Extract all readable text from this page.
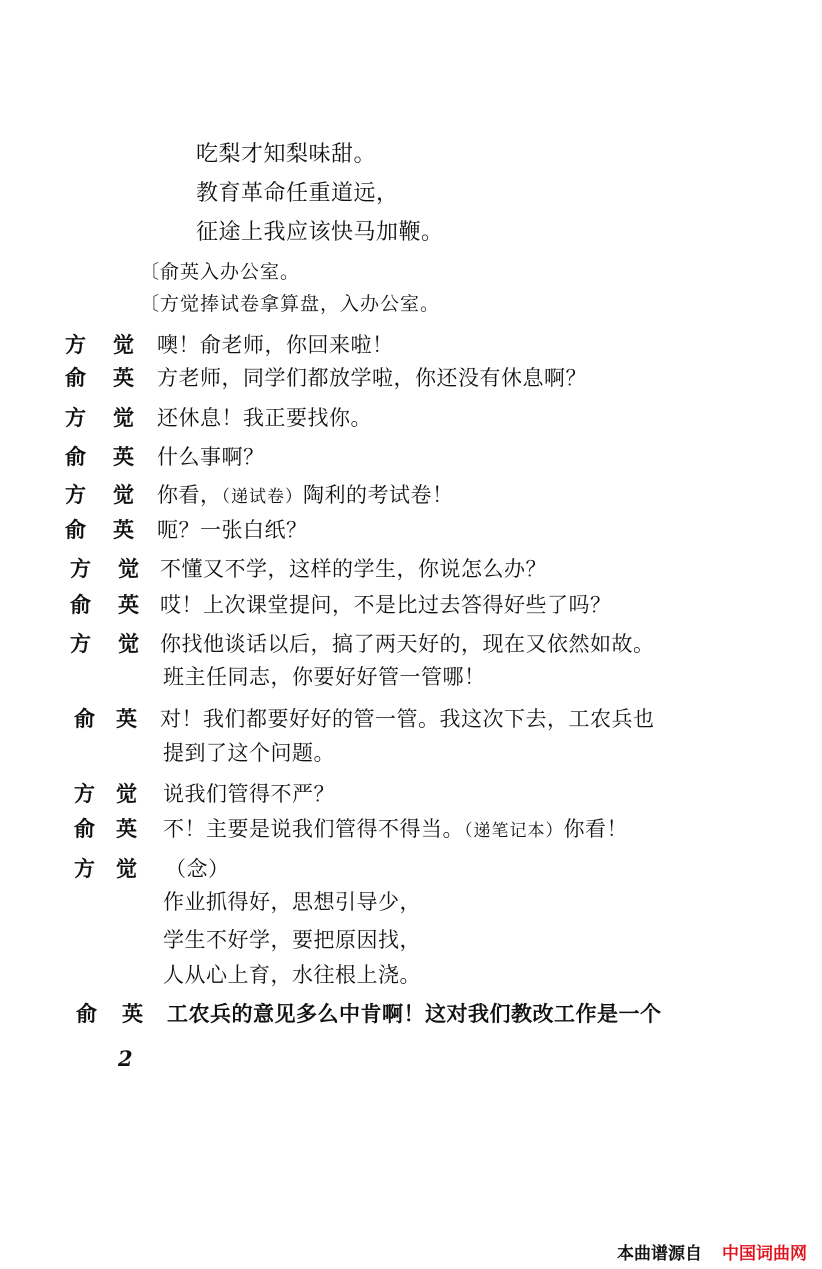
吃梨才知梨味甜。
教育革命任重道远，
征途上我应该快马加鞭。
〔俞英入办公室。
〔方觉捧试卷拿算盘，入办公室。
方 觉 噢！俞老师，你回来啦！
俞 英 方老师，同学们都放学啦，你还没有休息啊？
方 觉 还休息！我正要找你。
俞 英 什么事啊？
方 觉 你看，（递试卷）陶利的考试卷！
俞 英 呃？一张白纸？
方 觉 不懂又不学，这样的学生，你说怎么办？
俞 英 哎！上次课堂提问，不是比过去答得好些了吗？
方 觉 你找他谈话以后，搞了两天好的，现在又依然如故。
班主任同志，你要好好管一管哪！
俞 英 对！我们都要好好的管一管。我这次下去，工农兵也
提到了这个问题。
方 觉 说我们管得不严？
俞 英 不！主要是说我们管得不得当。（递笔记本）你看！
方 觉 （念）
作业抓得好，思想引导少，
学生不好学，要把原因找，
人从心上育，水往根上浇。
俞 英 工农兵的意见多么中肯啊！这对我们教改工作是一个
2
本曲谱源自 中国词曲网
